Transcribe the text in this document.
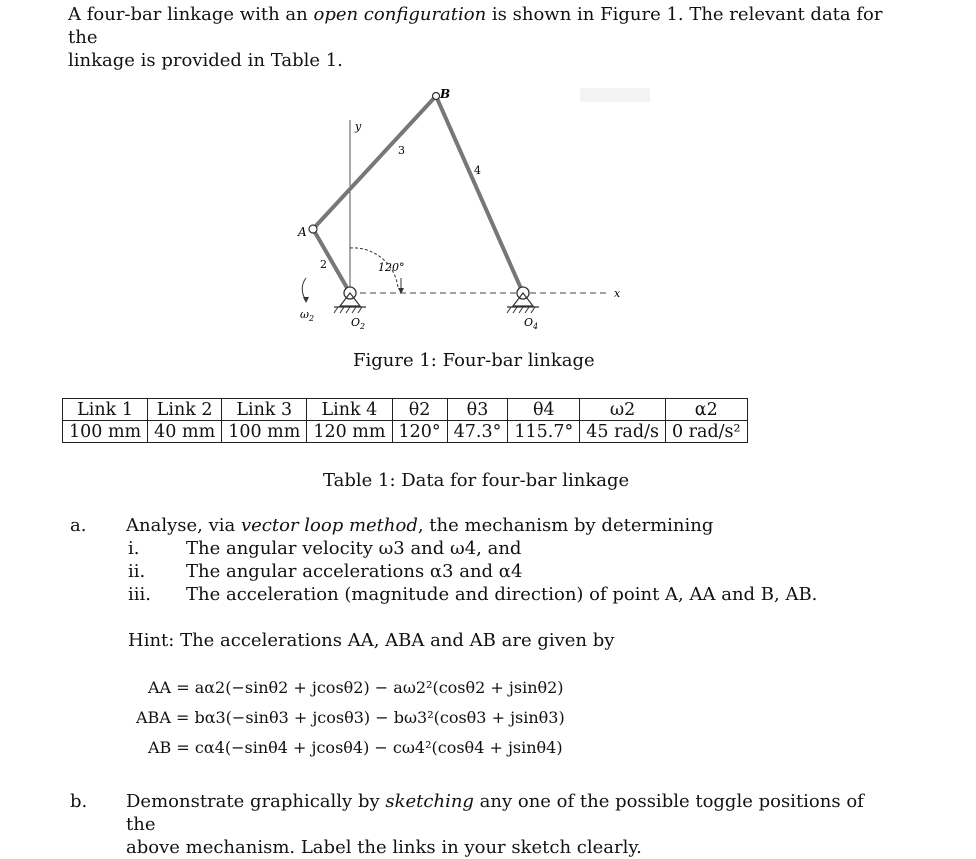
A four-bar linkage with an open configuration is shown in Figure 1. The relevant data for the

linkage is provided in Table 1.

B
A
y
x
2
3
4
120°
$\omega_2$	$O_2$	$O_4$
Figure 1: Four-bar linkage
Link 1	Link 2	Link 3	Link 4	θ2	θ3	θ4	ω2	α2
100 mm	40 mm	100 mm	120 mm	120°	47.3°	115.7°	45 rad/s	0 rad/s²
Table 1: Data for four-bar linkage
a. Analyse, via vector loop method, the mechanism by determining
i.	The angular velocity ω3 and ω4, and
ii. The angular accelerations α3 and α4
iii. The acceleration (magnitude and direction) of point A, AA and B, AB.
Hint: The accelerations AA, ABA and AB are given by
AA = aα2(−sinθ2 + jcosθ2) − aω2²(cosθ2 + jsinθ2)
ABA = bα3(−sinθ3 + jcosθ3) − bω3²(cosθ3 + jsinθ3)
AB = cα4(−sinθ4 + jcosθ4) − cω4²(cosθ4 + jsinθ4)
b. Demonstrate graphically by sketching any one of the possible toggle positions of the
above mechanism. Label the links in your sketch clearly.
